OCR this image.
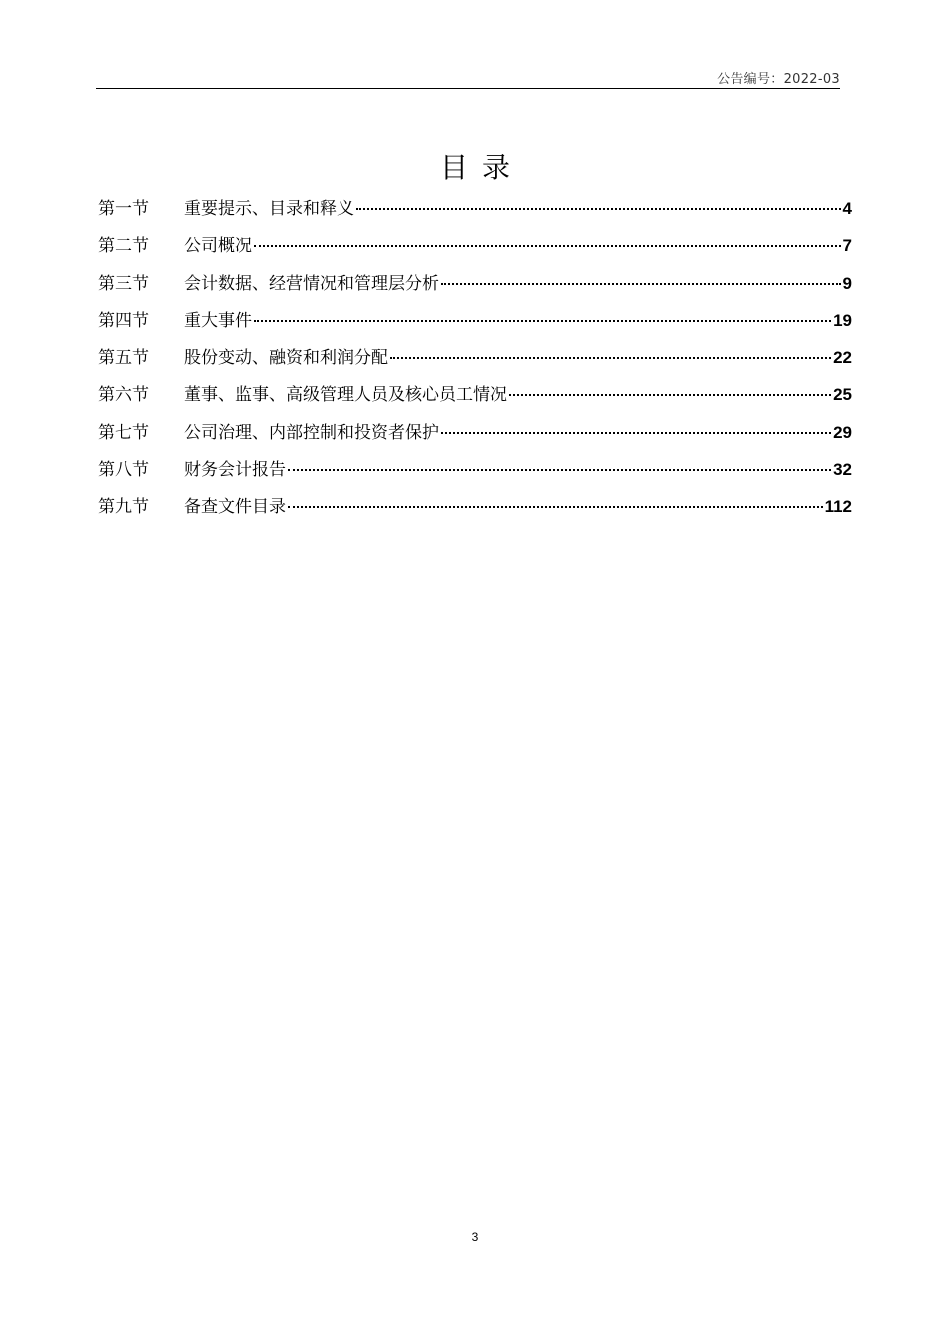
公告编号：2022-03
目录
第一节	重要提示、目录和释义	4
第二节	公司概况	7
第三节	会计数据、经营情况和管理层分析	9
第四节	重大事件	19
第五节	股份变动、融资和利润分配	22
第六节	董事、监事、高级管理人员及核心员工情况	25
第七节	公司治理、内部控制和投资者保护	29
第八节	财务会计报告	32
第九节	备查文件目录	112
3
